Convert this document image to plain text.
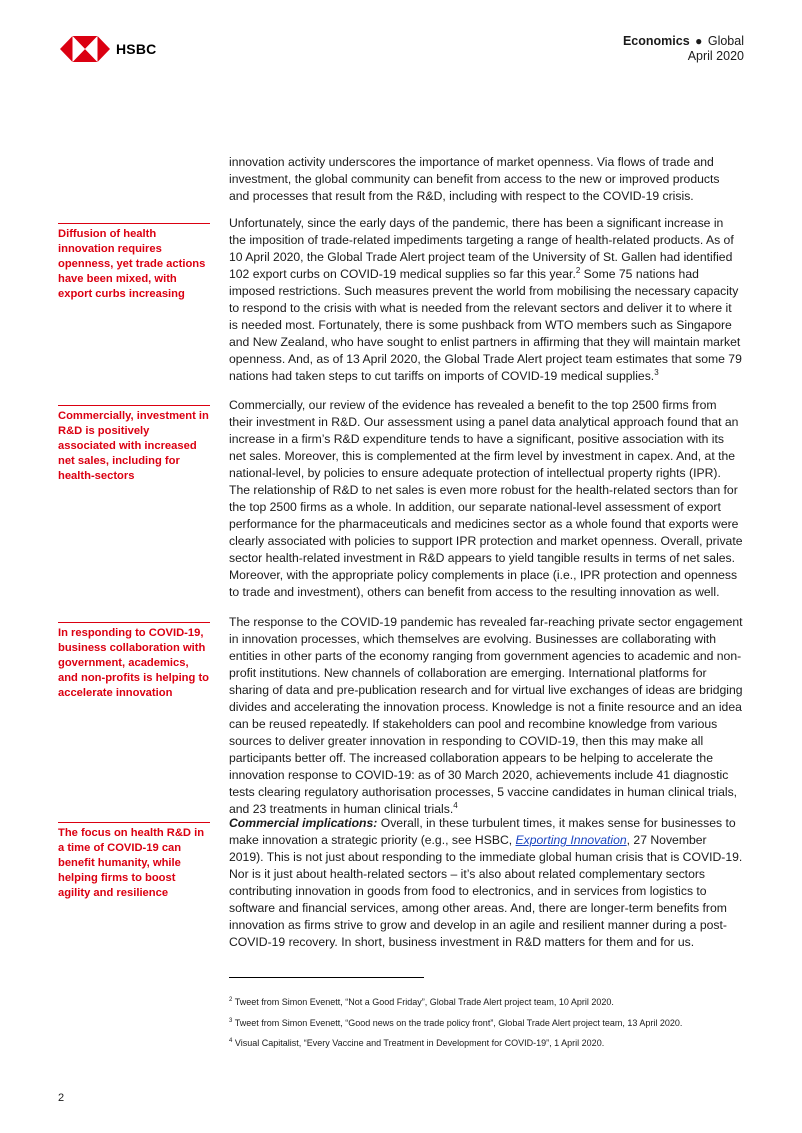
HSBC	Economics ● Global
April 2020

innovation activity underscores the importance of market openness. Via flows of trade and investment, the global community can benefit from access to the new or improved products and processes that result from the R&D, including with respect to the COVID-19 crisis.

Unfortunately, since the early days of the pandemic, there has been a significant increase in the imposition of trade-related impediments targeting a range of health-related products. As of 10 April 2020, the Global Trade Alert project team of the University of St. Gallen had identified 102 export curbs on COVID-19 medical supplies so far this year.$^2$ Some 75 nations had imposed restrictions. Such measures prevent the world from mobilising the necessary capacity to respond to the crisis with what is needed from the relevant sectors and deliver it to where it is needed most. Fortunately, there is some pushback from WTO members such as Singapore and New Zealand, who have sought to enlist partners in affirming that they will maintain market openness. And, as of 13 April 2020, the Global Trade Alert project team estimates that some 79 nations had taken steps to cut tariffs on imports of COVID-19 medical supplies.$^3$

Commercially, our review of the evidence has revealed a benefit to the top 2500 firms from their investment in R&D. Our assessment using a panel data analytical approach found that an increase in a firm’s R&D expenditure tends to have a significant, positive association with its net sales. Moreover, this is complemented at the firm level by investment in capex. And, at the national-level, by policies to ensure adequate protection of intellectual property rights (IPR). The relationship of R&D to net sales is even more robust for the health-related sectors than for the top 2500 firms as a whole. In addition, our separate national-level assessment of export performance for the pharmaceuticals and medicines sector as a whole found that exports were clearly associated with policies to support IPR protection and market openness. Overall, private sector health-related investment in R&D appears to yield tangible results in terms of net sales. Moreover, with the appropriate policy complements in place (i.e., IPR protection and openness to trade and investment), others can benefit from access to the resulting innovation as well.

The response to the COVID-19 pandemic has revealed far-reaching private sector engagement in innovation processes, which themselves are evolving. Businesses are collaborating with entities in other parts of the economy ranging from government agencies to academic and non-profit institutions. New channels of collaboration are emerging. International platforms for sharing of data and pre-publication research and for virtual live exchanges of ideas are bridging divides and accelerating the innovation process. Knowledge is not a finite resource and an idea can be reused repeatedly. If stakeholders can pool and recombine knowledge from various sources to deliver greater innovation in responding to COVID-19, then this may make all participants better off. The increased collaboration appears to be helping to accelerate the innovation response to COVID-19: as of 30 March 2020, achievements include 41 diagnostic tests clearing regulatory authorisation processes, 5 vaccine candidates in human clinical trials, and 23 treatments in human clinical trials.$^4$

Commercial implications: Overall, in these turbulent times, it makes sense for businesses to make innovation a strategic priority (e.g., see HSBC, Exporting Innovation, 27 November 2019). This is not just about responding to the immediate global human crisis that is COVID-19. Nor is it just about health-related sectors – it’s also about related complementary sectors contributing innovation in goods from food to electronics, and in services from logistics to software and financial services, among other areas. And, there are longer-term benefits from innovation as firms strive to grow and develop in an agile and resilient manner during a post-COVID-19 recovery. In short, business investment in R&D matters for them and for us.

Diffusion of health innovation requires openness, yet trade actions have been mixed, with export curbs increasing
Commercially, investment in R&D is positively associated with increased net sales, including for health-sectors
In responding to COVID-19, business collaboration with government, academics, and non-profits is helping to accelerate innovation
The focus on health R&D in a time of COVID-19 can benefit humanity, while helping firms to boost agility and resilience
$^2$ Tweet from Simon Evenett, “Not a Good Friday”, Global Trade Alert project team, 10 April 2020.
$^3$ Tweet from Simon Evenett, “Good news on the trade policy front”, Global Trade Alert project team, 13 April 2020.
$^4$ Visual Capitalist, “Every Vaccine and Treatment in Development for COVID-19”, 1 April 2020.
2
